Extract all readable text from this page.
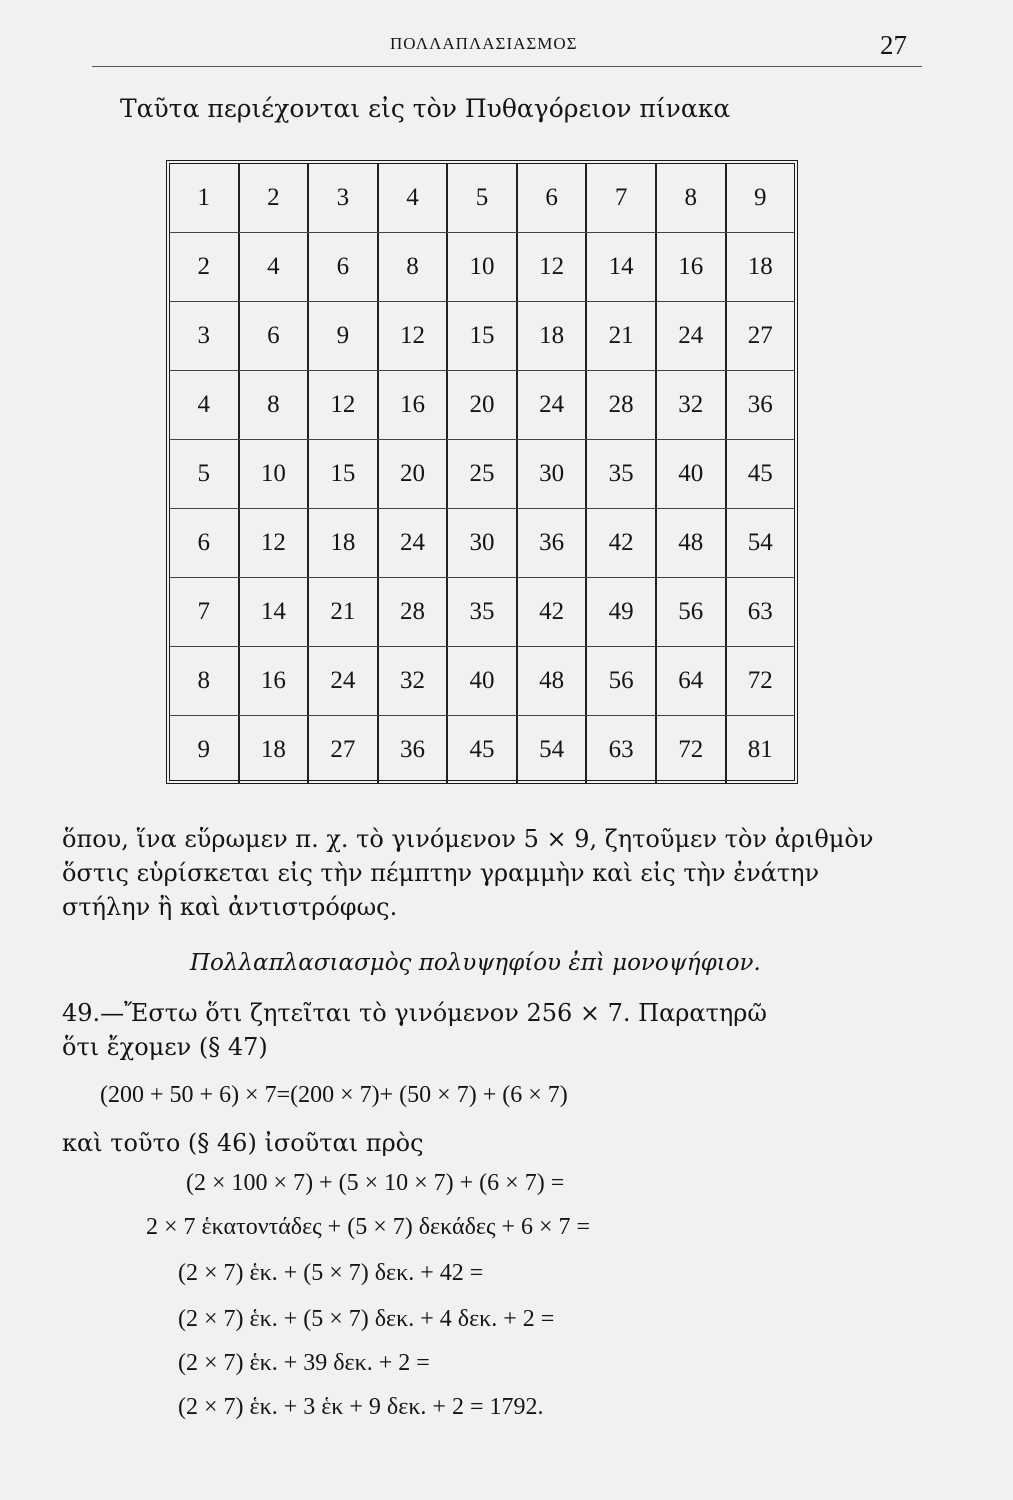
ΠΟΛΛΑΠΛΑΣΙΑΣΜΟΣ	27
Ταῦτα περιέχονται εἰς τὸν Πυθαγόρειον πίνακα
1	2	3	4	5	6	7	8	9
2	4	6	8	10	12	14	16	18
3	6	9	12	15	18	21	24	27
4	8	12	16	20	24	28	32	36
5	10	15	20	25	30	35	40	45
6	12	18	24	30	36	42	48	54
7	14	21	28	35	42	49	56	63
8	16	24	32	40	48	56	64	72
9	18	27	36	45	54	63	72	81
ὅπου, ἵνα εὕρωμεν π. χ. τὸ γινόμενον 5 × 9, ζητοῦμεν τὸν ἀριθμὸν
ὅστις εὑρίσκεται εἰς τὴν πέμπτην γραμμὴν καὶ εἰς τὴν ἐνάτην
στήλην ἢ καὶ ἀντιστρόφως.
Πολλαπλασιασμὸς πολυψηφίου ἐπὶ μονοψήφιον.
49.—Ἔστω ὅτι ζητεῖται τὸ γινόμενον 256 × 7. Παρατηρῶ
ὅτι ἔχομεν (§ 47)
(200 + 50 + 6) × 7=(200 × 7)+ (50 × 7) + (6 × 7)
καὶ τοῦτο (§ 46) ἰσοῦται πρὸς
(2 × 100 × 7) + (5 × 10 × 7) + (6 × 7) =
2 × 7 ἑκατοντάδες + (5 × 7) δεκάδες + 6 × 7 =
(2 × 7) ἑκ. + (5 × 7) δεκ. + 42 =
(2 × 7) ἑκ. + (5 × 7) δεκ. + 4 δεκ. + 2 =
(2 × 7) ἑκ. + 39 δεκ. + 2 =
(2 × 7) ἑκ. + 3 ἑκ + 9 δεκ. + 2 = 1792.
